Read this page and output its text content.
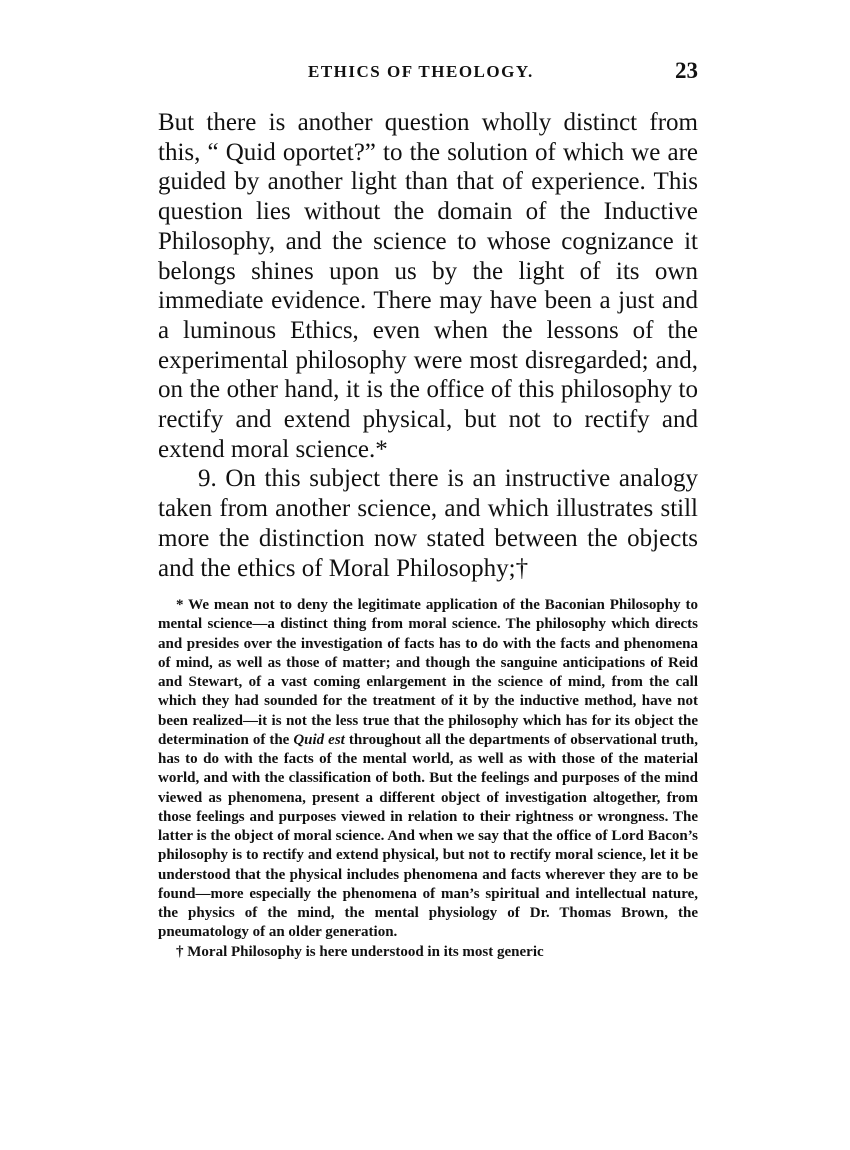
ETHICS OF THEOLOGY.	23

But there is another question wholly distinct from this, “ Quid oportet?” to the solution of which we are guided by another light than that of experience. This question lies without the domain of the Inductive Philosophy, and the science to whose cognizance it belongs shines upon us by the light of its own immediate evidence. There may have been a just and a luminous Ethics, even when the lessons of the experimental philosophy were most disregarded; and, on the other hand, it is the office of this philosophy to rectify and extend physical, but not to rectify and extend moral science.*

9. On this subject there is an instructive analogy taken from another science, and which illustrates still more the distinction now stated between the objects and the ethics of Moral Philosophy;†

* We mean not to deny the legitimate application of the Baconian Philosophy to mental science—a distinct thing from moral science. The philosophy which directs and presides over the investigation of facts has to do with the facts and phenomena of mind, as well as those of matter; and though the sanguine anticipations of Reid and Stewart, of a vast coming enlargement in the science of mind, from the call which they had sounded for the treatment of it by the inductive method, have not been realized—it is not the less true that the philosophy which has for its object the determination of the Quid est throughout all the departments of observational truth, has to do with the facts of the mental world, as well as with those of the material world, and with the classification of both. But the feelings and purposes of the mind viewed as phenomena, present a different object of investigation altogether, from those feelings and purposes viewed in relation to their rightness or wrongness. The latter is the object of moral science. And when we say that the office of Lord Bacon’s philosophy is to rectify and extend physical, but not to rectify moral science, let it be understood that the physical includes phenomena and facts wherever they are to be found—more especially the phenomena of man’s spiritual and intellectual nature, the physics of the mind, the mental physiology of Dr. Thomas Brown, the pneumatology of an older generation.

† Moral Philosophy is here understood in its most generic
